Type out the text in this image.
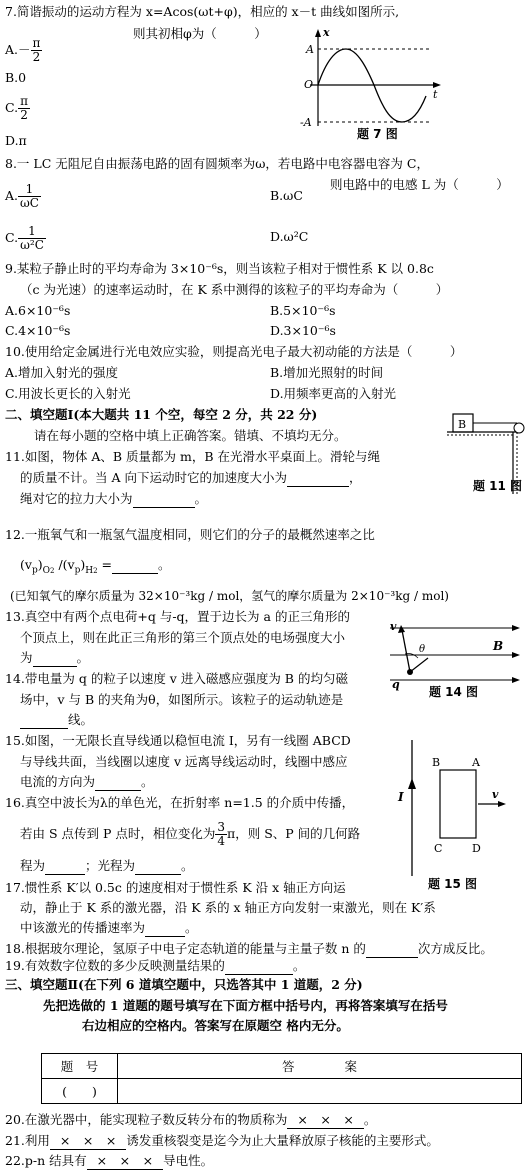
7.简谐振动的运动方程为 x=Acos(ωt+φ)，相应的 x－t 曲线如图所示,
则其初相φ为（　　　）
$A.- \frac{\pi}{2}$
B.0
C. $\frac{\pi}{2}$
D.π
x
t
O
A
-A
题 7 图
8.一 LC 无阻尼自由振荡电路的固有圆频率为ω，若电路中电容器电容为 C，
则电路中的电感 L 为（　　　）
A. $\frac{1}{\omega C}$	B.ωC
C. $\frac{1}{\text{ω²C}}$	D.ω²C
9.某粒子静止时的平均寿命为 3×10⁻⁶s，则当该粒子相对于惯性系 K 以 0.8c
（c 为光速）的速率运动时，在 K 系中测得的该粒子的平均寿命为（　　　）
A.6×10⁻⁶s	B.5×10⁻⁶s
C.4×10⁻⁶s	D.3×10⁻⁶s
10.使用给定金属进行光电效应实验，则提高光电子最大初动能的方法是（　　　）
A.增加入射光的强度	B.增加光照射的时间
C.用波长更长的入射光	D.用频率更高的入射光
二、填空题Ⅰ(本大题共 11 个空，每空 2 分，共 22 分)
请在每小题的空格中填上正确答案。错填、不填均无分。
B
题 11 图
11.如图，物体 A、B 质量都为 m，B 在光滑水平桌面上。滑轮与绳
的质量不计。当 A 向下运动时它的加速度大小为	，
绳对它的拉力大小为	。
12.一瓶氧气和一瓶氢气温度相同，则它们的分子的最概然速率之比
$(v_p)_{O2}$ $/(v_p)_{H2}$ =	。
(已知氧气的摩尔质量为 32×10⁻³kg / mol，氢气的摩尔质量为 2×10⁻³kg / mol)
13.真空中有两个点电荷+q 与-q，置于边长为 a 的正三角形的
个顶点上，则在此正三角形的第三个顶点处的电场强度大小
为	。
v
θ	B
q
题 14 图
14.带电量为 q 的粒子以速度 v 进入磁感应强度为 B 的均匀磁
场中，v 与 B 的夹角为θ，如图所示。该粒子的运动轨迹是
线。
I
B	A
C	D
v
题 15 图
15.如图，一无限长直导线通以稳恒电流 I，另有一线圈 ABCD
与导线共面，当线圈以速度 v 远离导线运动时，线圈中感应
电流的方向为	。
16.真空中波长为λ的单色光，在折射率 n=1.5 的介质中传播，
若由 S 点传到 P 点时，相位变化为 $\frac{3}{4}$ π，则 S、P 间的几何路
程为	；光程为	。
17.惯性系 K′以 0.5c 的速度相对于惯性系 K 沿 x 轴正方向运
动，静止于 K 系的激光器，沿 K 系的 x 轴正方向发射一束激光，则在 K′系
中该激光的传播速率为	。
18.根据玻尔理论，氢原子中电子定态轨道的能量与主量子数 n 的	次方成反比。
19.有效数字位数的多少反映测量结果的	。
三、填空题Ⅱ(在下列 6 道填空题中，只选答其中 1 道题，2 分)
先把选做的 1 道题的题号填写在下面方框中括号内，再将答案填写在括号
右边相应的空格内。答案写在原题空 格内无分。
题　号	答　　　　案
(　　)	
20.在激光器中，能实现粒子数反转分布的物质称为 ×　×　× 。
21.利用 ×　×　× 诱发重核裂变是迄今为止大量释放原子核能的主要形式。
22.p-n 结具有 ×　×　× 导电性。
